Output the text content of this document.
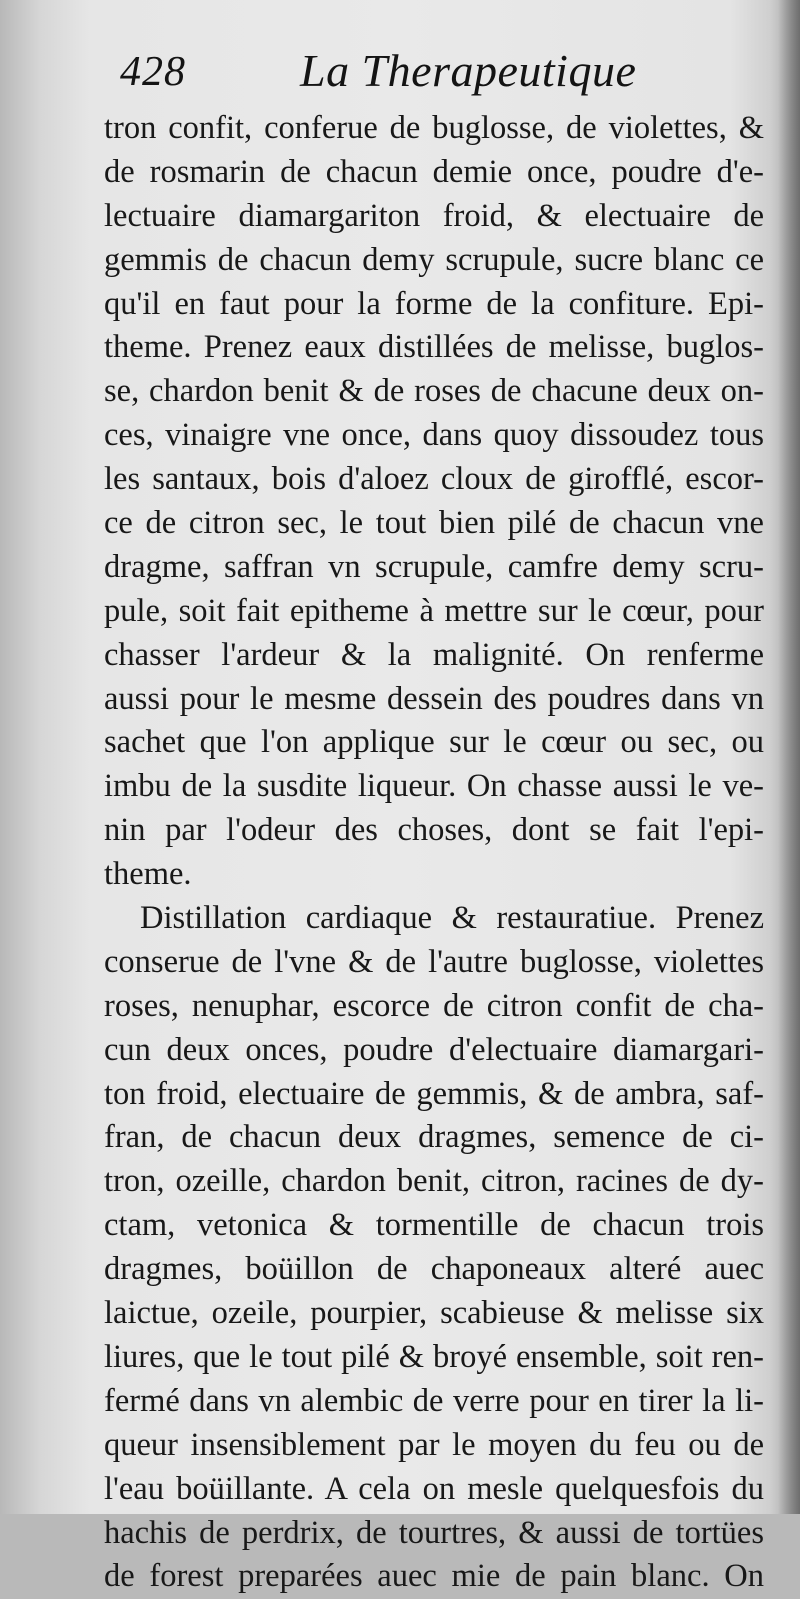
428 La Therapeutique
tron confit, conferue de buglosse, de violettes, &
de rosmarin de chacun demie once, poudre d'e-
lectuaire diamargariton froid, & electuaire de
gemmis de chacun demy scrupule, sucre blanc ce
qu'il en faut pour la forme de la confiture. Epi-
theme. Prenez eaux distillées de melisse, buglos-
se, chardon benit & de roses de chacune deux on-
ces, vinaigre vne once, dans quoy dissoudez tous
les santaux, bois d'aloez cloux de girofflé, escor-
ce de citron sec, le tout bien pilé de chacun vne
dragme, saffran vn scrupule, camfre demy scru-
pule, soit fait epitheme à mettre sur le cœur, pour
chasser l'ardeur & la malignité. On renferme
aussi pour le mesme dessein des poudres dans vn
sachet que l'on applique sur le cœur ou sec, ou
imbu de la susdite liqueur. On chasse aussi le ve-
nin par l'odeur des choses, dont se fait l'epi-
theme.
Distillation cardiaque & restauratiue. Prenez
conserue de l'vne & de l'autre buglosse, violettes
roses, nenuphar, escorce de citron confit de cha-
cun deux onces, poudre d'electuaire diamargari-
ton froid, electuaire de gemmis, & de ambra, saf-
fran, de chacun deux dragmes, semence de ci-
tron, ozeille, chardon benit, citron, racines de dy-
ctam, vetonica & tormentille de chacun trois
dragmes, boüillon de chaponeaux alteré auec
laictue, ozeile, pourpier, scabieuse & melisse six
liures, que le tout pilé & broyé ensemble, soit ren-
fermé dans vn alembic de verre pour en tirer la li-
queur insensiblement par le moyen du feu ou de
l'eau boüillante. A cela on mesle quelquesfois du
hachis de perdrix, de tourtres, & aussi de tortües
de forest preparées auec mie de pain blanc. On
